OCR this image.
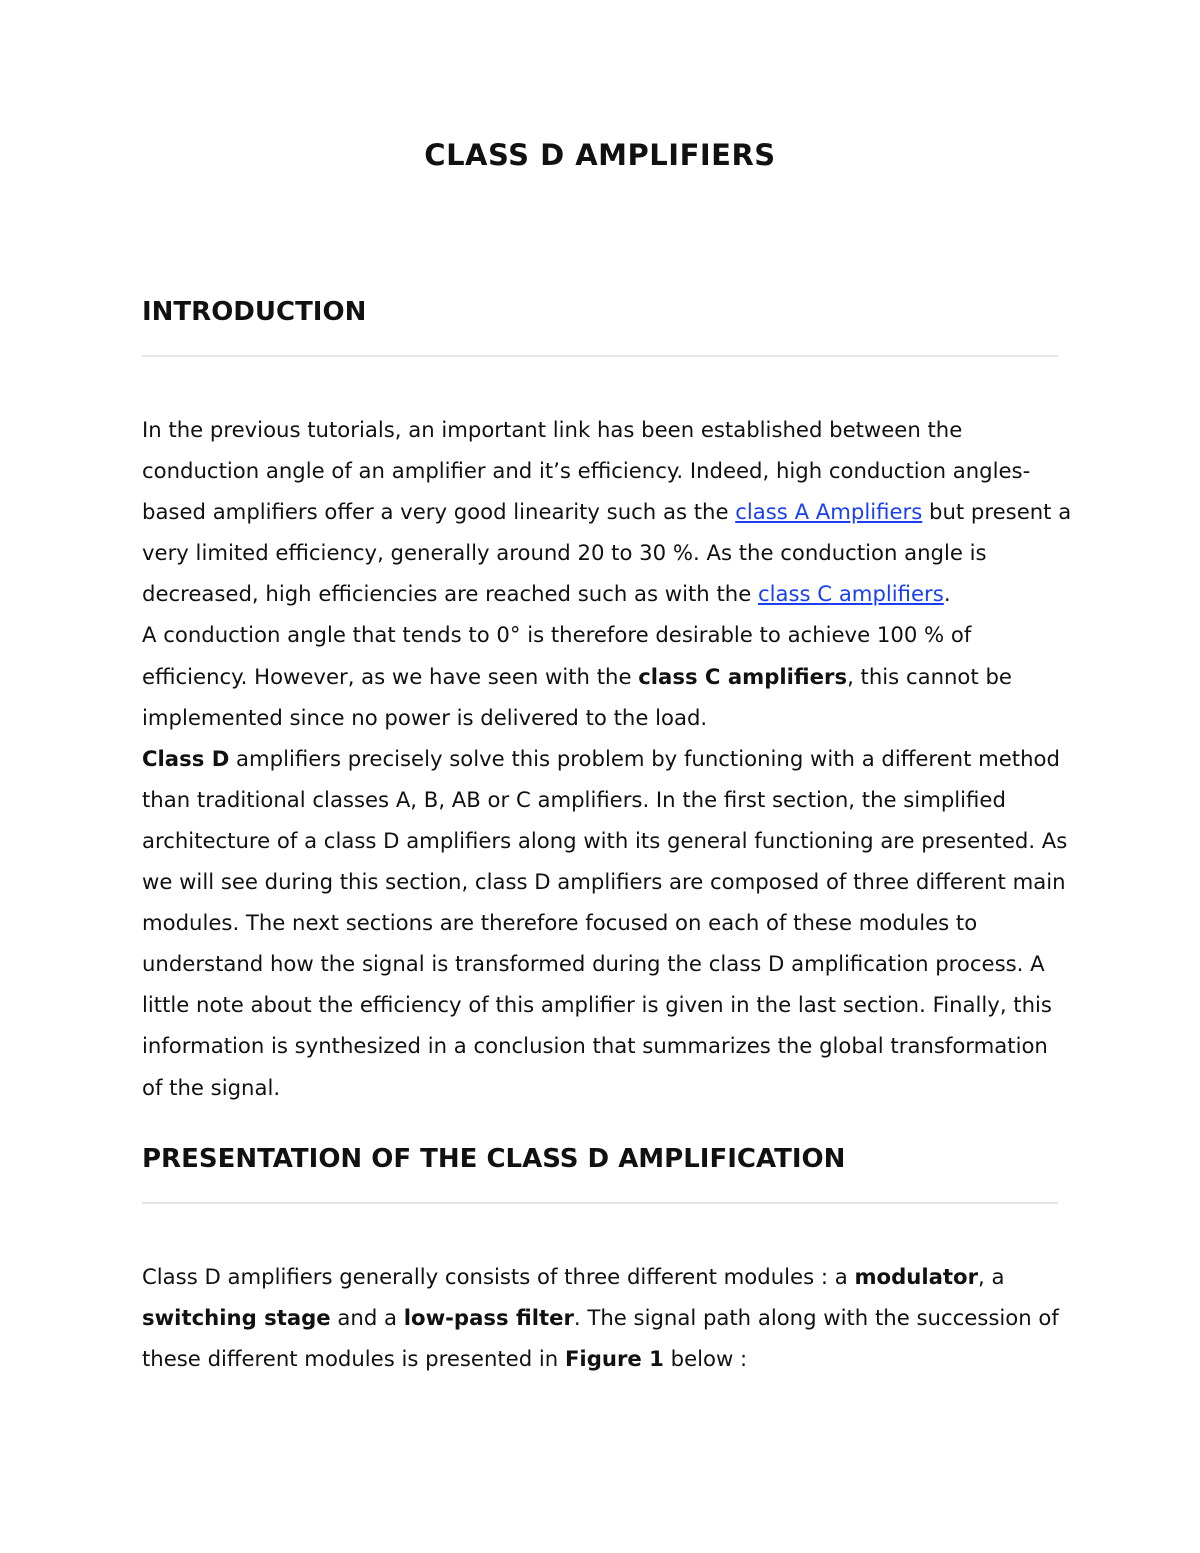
CLASS D AMPLIFIERS
INTRODUCTION

In the previous tutorials, an important link has been established between the conduction angle of an amplifier and it’s efficiency. Indeed, high conduction angles-based amplifiers offer a very good linearity such as the class A Amplifiers but present a very limited efficiency, generally around 20 to 30 %. As the conduction angle is decreased, high efficiencies are reached such as with the class C amplifiers.

A conduction angle that tends to 0° is therefore desirable to achieve 100 % of efficiency. However, as we have seen with the class C amplifiers, this cannot be implemented since no power is delivered to the load.

Class D amplifiers precisely solve this problem by functioning with a different method than traditional classes A, B, AB or C amplifiers. In the first section, the simplified architecture of a class D amplifiers along with its general functioning are presented. As we will see during this section, class D amplifiers are composed of three different main modules. The next sections are therefore focused on each of these modules to understand how the signal is transformed during the class D amplification process. A little note about the efficiency of this amplifier is given in the last section. Finally, this information is synthesized in a conclusion that summarizes the global transformation of the signal.

PRESENTATION OF THE CLASS D AMPLIFICATION

Class D amplifiers generally consists of three different modules : a modulator, a switching stage and a low-pass filter. The signal path along with the succession of these different modules is presented in Figure 1 below :
